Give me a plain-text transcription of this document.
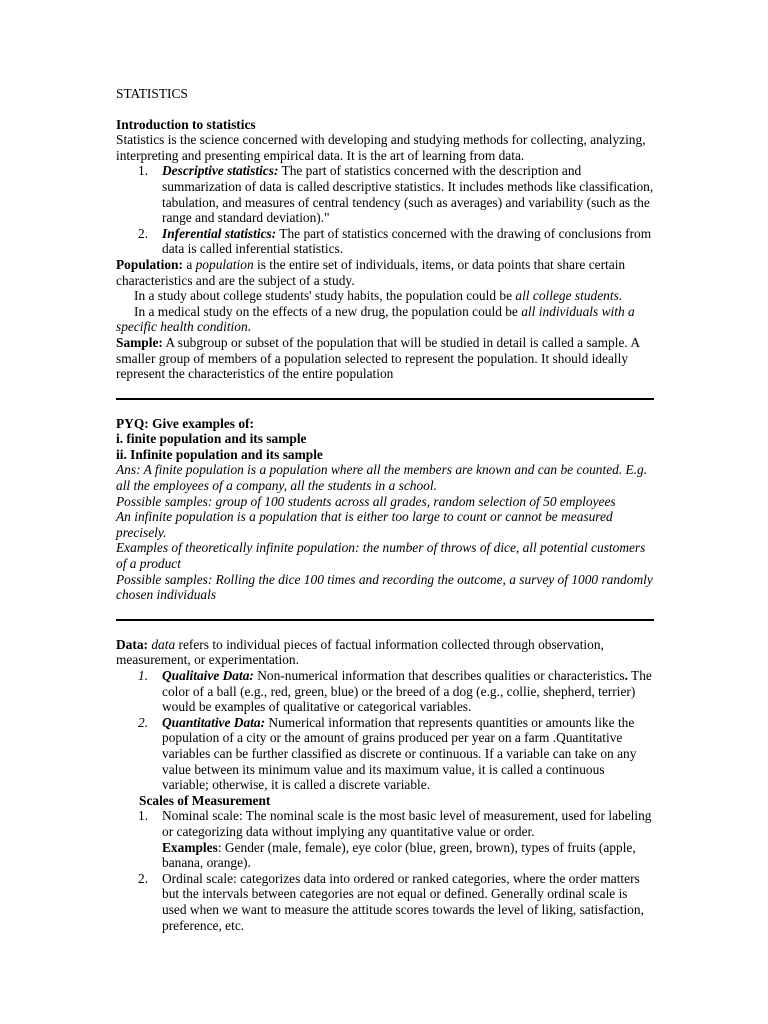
STATISTICS

Introduction to statistics

Statistics is the science concerned with developing and studying methods for collecting, analyzing, interpreting and presenting empirical data. It is the art of learning from data.

1. Descriptive statistics: The part of statistics concerned with the description and summarization of data is called descriptive statistics. It includes methods like classification, tabulation, and measures of central tendency (such as averages) and variability (such as the range and standard deviation)."
2. Inferential statistics: The part of statistics concerned with the drawing of conclusions from data is called inferential statistics.

Population: a population is the entire set of individuals, items, or data points that share certain characteristics and are the subject of a study.

In a study about college students' study habits, the population could be all college students.

In a medical study on the effects of a new drug, the population could be all individuals with a specific health condition.

Sample: A subgroup or subset of the population that will be studied in detail is called a sample. A smaller group of members of a population selected to represent the population. It should ideally represent the characteristics of the entire population

PYQ: Give examples of:

i. finite population and its sample

ii. Infinite population and its sample

Ans: A finite population is a population where all the members are known and can be counted. E.g. all the employees of a company, all the students in a school.

Possible samples: group of 100 students across all grades, random selection of 50 employees

An infinite population is a population that is either too large to count or cannot be measured precisely.

Examples of theoretically infinite population: the number of throws of dice, all potential customers of a product

Possible samples: Rolling the dice 100 times and recording the outcome, a survey of 1000 randomly chosen individuals

Data: data refers to individual pieces of factual information collected through observation, measurement, or experimentation.

1. Qualitaive Data: Non-numerical information that describes qualities or characteristics. The color of a ball (e.g., red, green, blue) or the breed of a dog (e.g., collie, shepherd, terrier) would be examples of qualitative or categorical variables.
2. Quantitative Data: Numerical information that represents quantities or amounts like the population of a city or the amount of grains produced per year on a farm .Quantitative variables can be further classified as discrete or continuous. If a variable can take on any value between its minimum value and its maximum value, it is called a continuous variable; otherwise, it is called a discrete variable.

Scales of Measurement

1. Nominal scale: The nominal scale is the most basic level of measurement, used for labeling or categorizing data without implying any quantitative value or order.
Examples: Gender (male, female), eye color (blue, green, brown), types of fruits (apple, banana, orange).
2. Ordinal scale: categorizes data into ordered or ranked categories, where the order matters but the intervals between categories are not equal or defined. Generally ordinal scale is used when we want to measure the attitude scores towards the level of liking, satisfaction, preference, etc.
